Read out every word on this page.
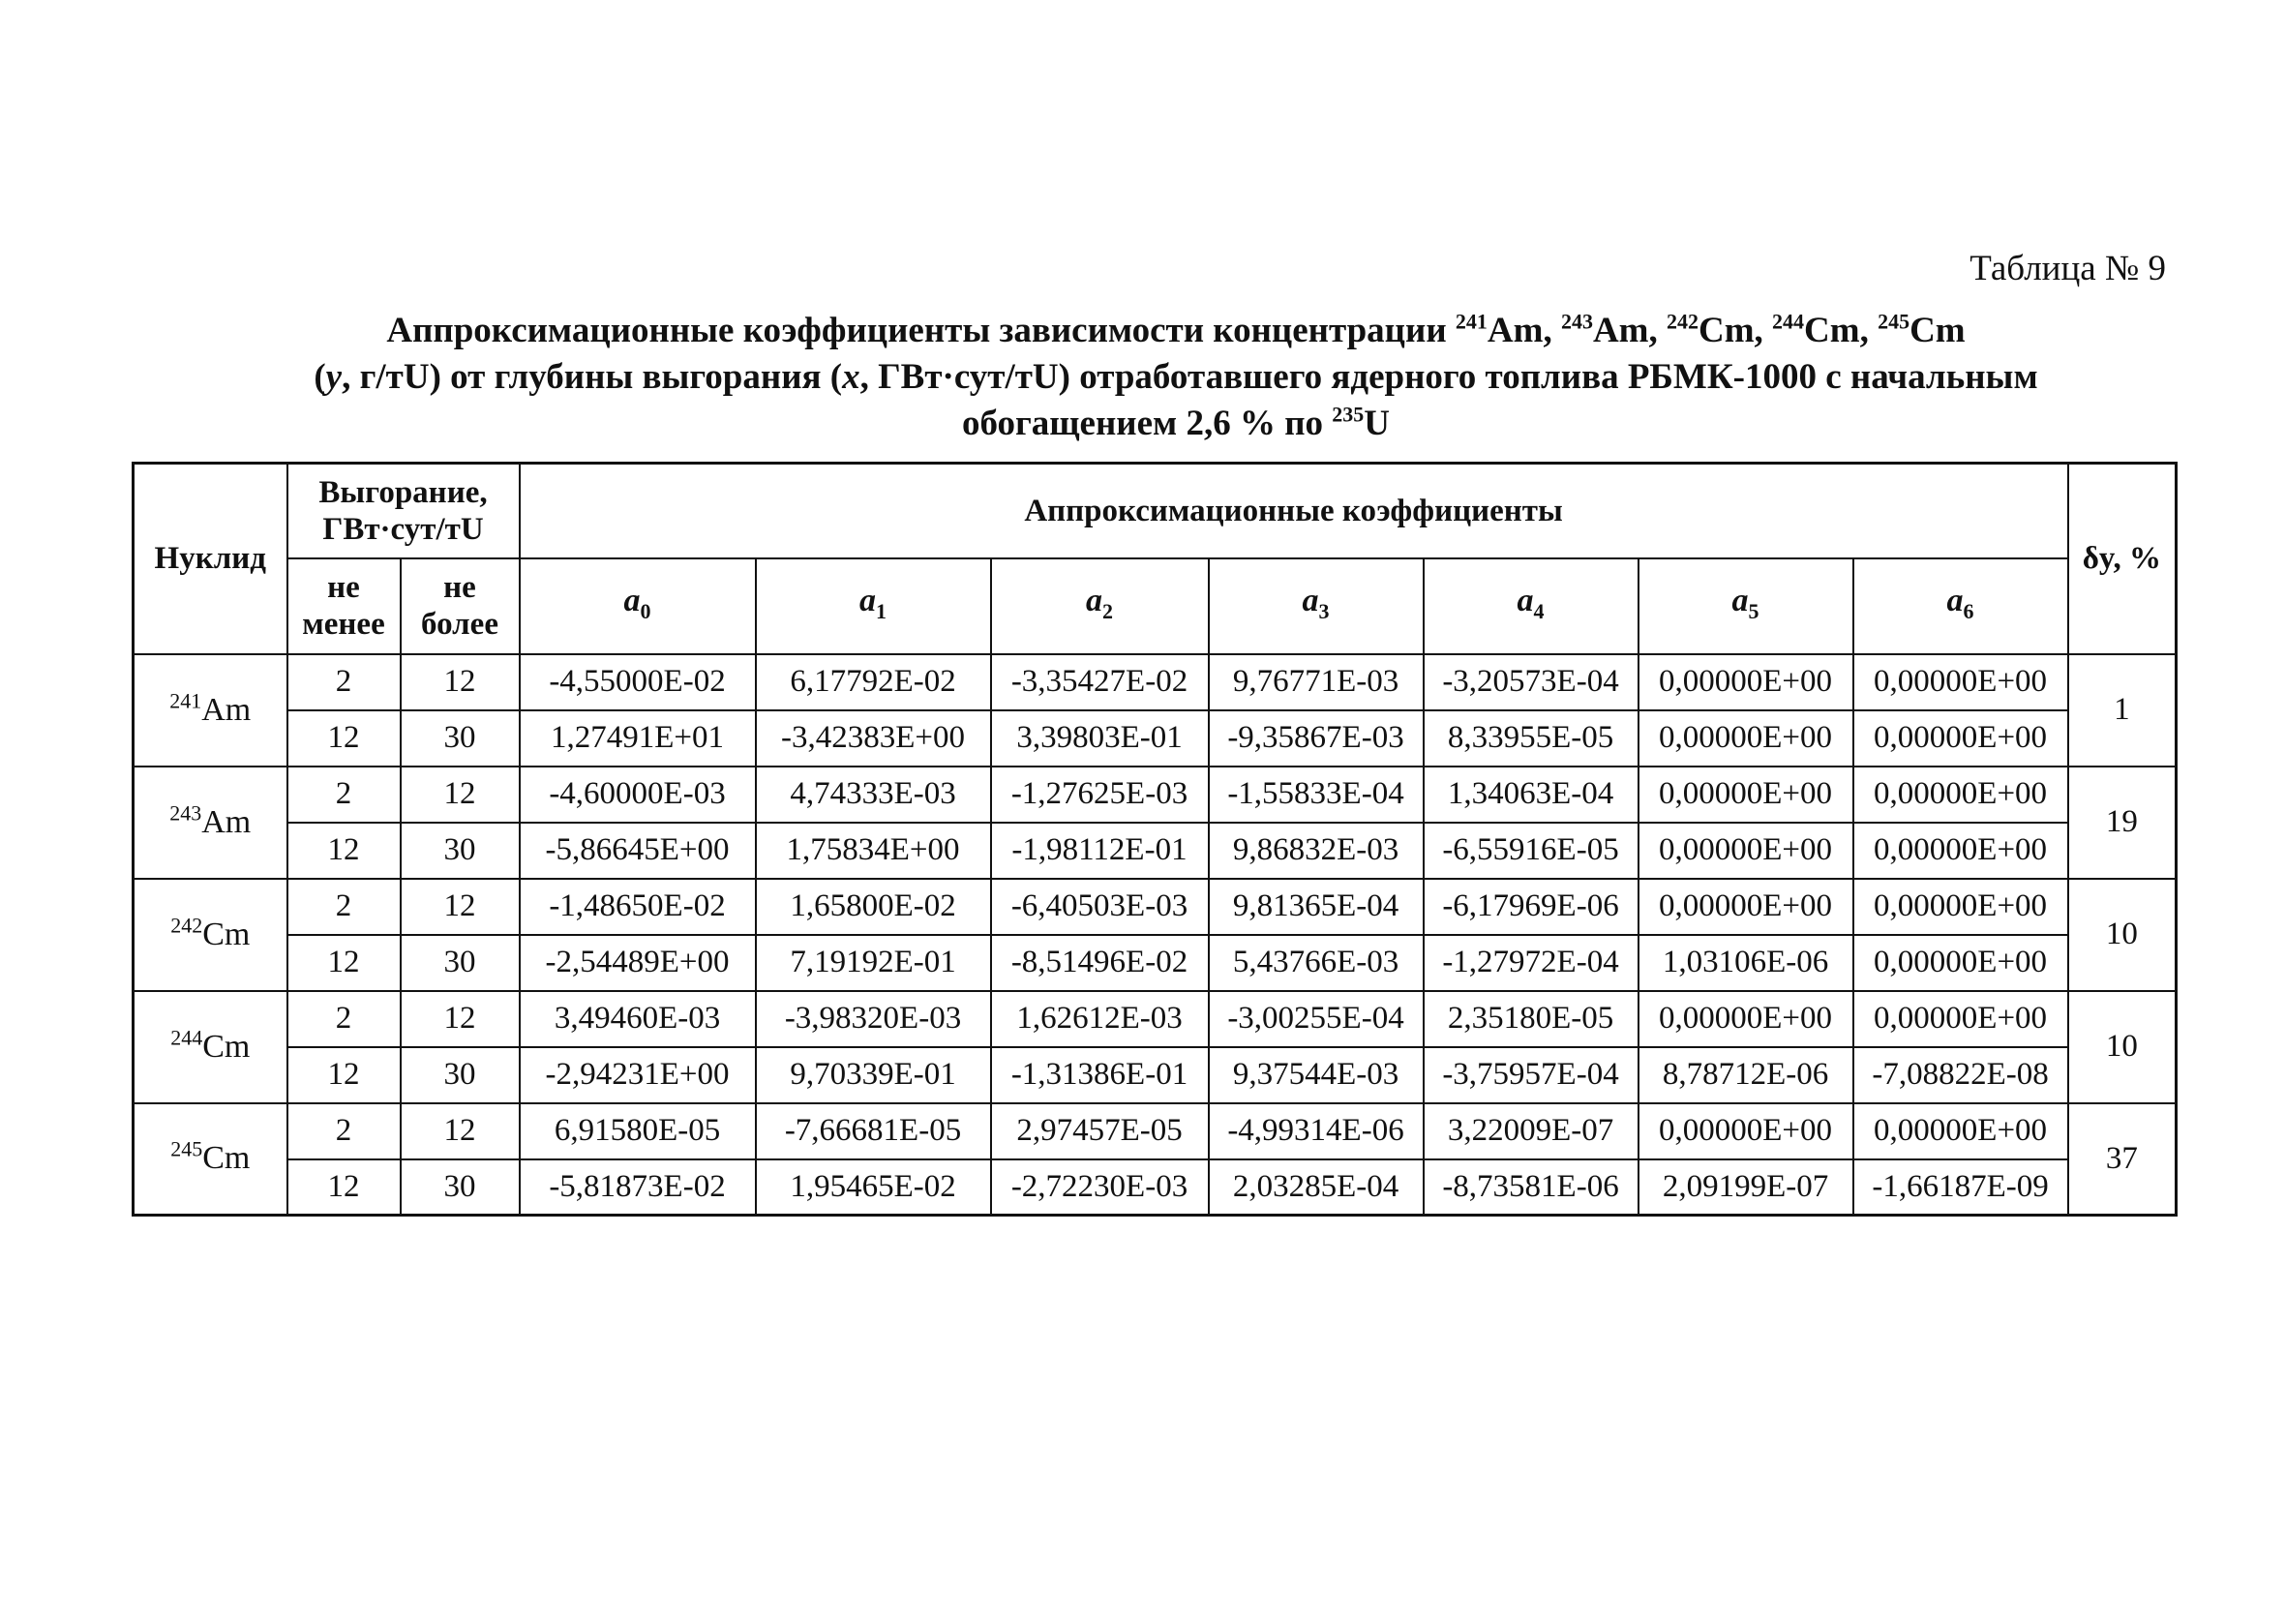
Таблица № 9
Аппроксимационные коэффициенты зависимости концентрации $^{241}$Am, $^{243}$Am, $^{242}$Cm, $^{244}$Cm, $^{245}$Cm
(y, г/тU) от глубины выгорания (x, ГВт·сут/тU) отработавшего ядерного топлива РБМК-1000 с начальным
обогащением 2,6 % по $^{235}$U
Нуклид	Выгорание, ГВт·сут/тU		Аппроксимационные коэффициенты							δy, %
	не менее	не более	$a_0$	$a_1$	$a_2$	$a_3$	$a_4$	$a_5$	$a_6$
$^{241}$Am	2	12	-4,55000E-02	6,17792E-02	-3,35427E-02	9,76771E-03	-3,20573E-04	0,00000E+00	0,00000E+00	1
	12	30	1,27491E+01	-3,42383E+00	3,39803E-01	-9,35867E-03	8,33955E-05	0,00000E+00	0,00000E+00	
$^{243}$Am	2	12	-4,60000E-03	4,74333E-03	-1,27625E-03	-1,55833E-04	1,34063E-04	0,00000E+00	0,00000E+00	19
	12	30	-5,86645E+00	1,75834E+00	-1,98112E-01	9,86832E-03	-6,55916E-05	0,00000E+00	0,00000E+00	
$^{242}$Cm	2	12	-1,48650E-02	1,65800E-02	-6,40503E-03	9,81365E-04	-6,17969E-06	0,00000E+00	0,00000E+00	10
	12	30	-2,54489E+00	7,19192E-01	-8,51496E-02	5,43766E-03	-1,27972E-04	1,03106E-06	0,00000E+00	
$^{244}$Cm	2	12	3,49460E-03	-3,98320E-03	1,62612E-03	-3,00255E-04	2,35180E-05	0,00000E+00	0,00000E+00	10
	12	30	-2,94231E+00	9,70339E-01	-1,31386E-01	9,37544E-03	-3,75957E-04	8,78712E-06	-7,08822E-08	
$^{245}$Cm	2	12	6,91580E-05	-7,66681E-05	2,97457E-05	-4,99314E-06	3,22009E-07	0,00000E+00	0,00000E+00	37
	12	30	-5,81873E-02	1,95465E-02	-2,72230E-03	2,03285E-04	-8,73581E-06	2,09199E-07	-1,66187E-09	
